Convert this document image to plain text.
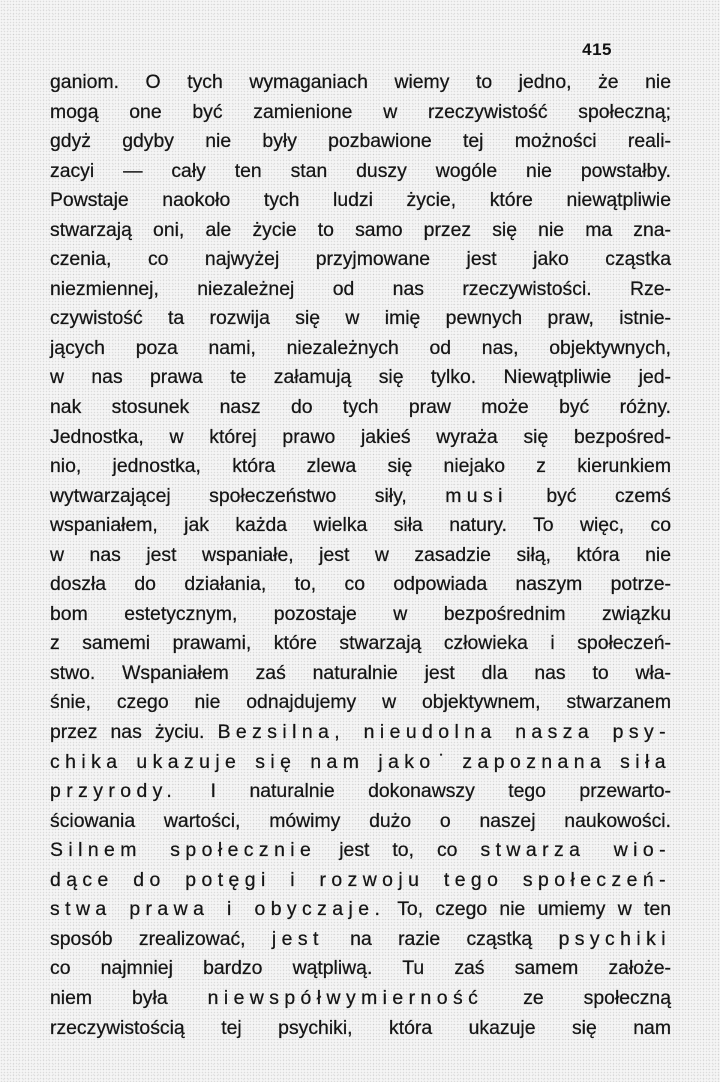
415
ganiom. O tych wymaganiach wiemy to jedno, że nie
mogą one być zamienione w rzeczywistość społeczną;
gdyż gdyby nie były pozbawione tej możności reali-
zacyi — cały ten stan duszy wogóle nie powstałby.
Powstaje naokoło tych ludzi życie, które niewątpliwie
stwarzają oni, ale życie to samo przez się nie ma zna-
czenia, co najwyżej przyjmowane jest jako cząstka
niezmiennej, niezależnej od nas rzeczywistości. Rze-
czywistość ta rozwija się w imię pewnych praw, istnie-
jących poza nami, niezależnych od nas, objektywnych,
w nas prawa te załamują się tylko. Niewątpliwie jed-
nak stosunek nasz do tych praw może być różny.
Jednostka, w której prawo jakieś wyraża się bezpośred-
nio, jednostka, która zlewa się niejako z kierunkiem
wytwarzającej społeczeństwo siły, musi być czemś
wspaniałem, jak każda wielka siła natury. To więc, co
w nas jest wspaniałe, jest w zasadzie siłą, która nie
doszła do działania, to, co odpowiada naszym potrze-
bom estetycznym, pozostaje w bezpośrednim związku
z samemi prawami, które stwarzają człowieka i społeczeń-
stwo. Wspaniałem zaś naturalnie jest dla nas to wła-
śnie, czego nie odnajdujemy w objektywnem, stwarzanem
przez nas życiu. Bezsilna, nieudolna nasza psy-
chika ukazuje się nam jako˙ zapoznana siła
przyrody. I naturalnie dokonawszy tego przewarto-
ściowania wartości, mówimy dużo o naszej naukowości.
Silnem społecznie jest to, co stwarza wio-
dące do potęgi i rozwoju tego społeczeń-
stwa prawa i obyczaje. To, czego nie umiemy w ten
sposób zrealizować, jest na razie cząstką psychiki
co najmniej bardzo wątpliwą. Tu zaś samem założe-
niem była niewspółwymierność ze społeczną
rzeczywistością tej psychiki, która ukazuje się nam
